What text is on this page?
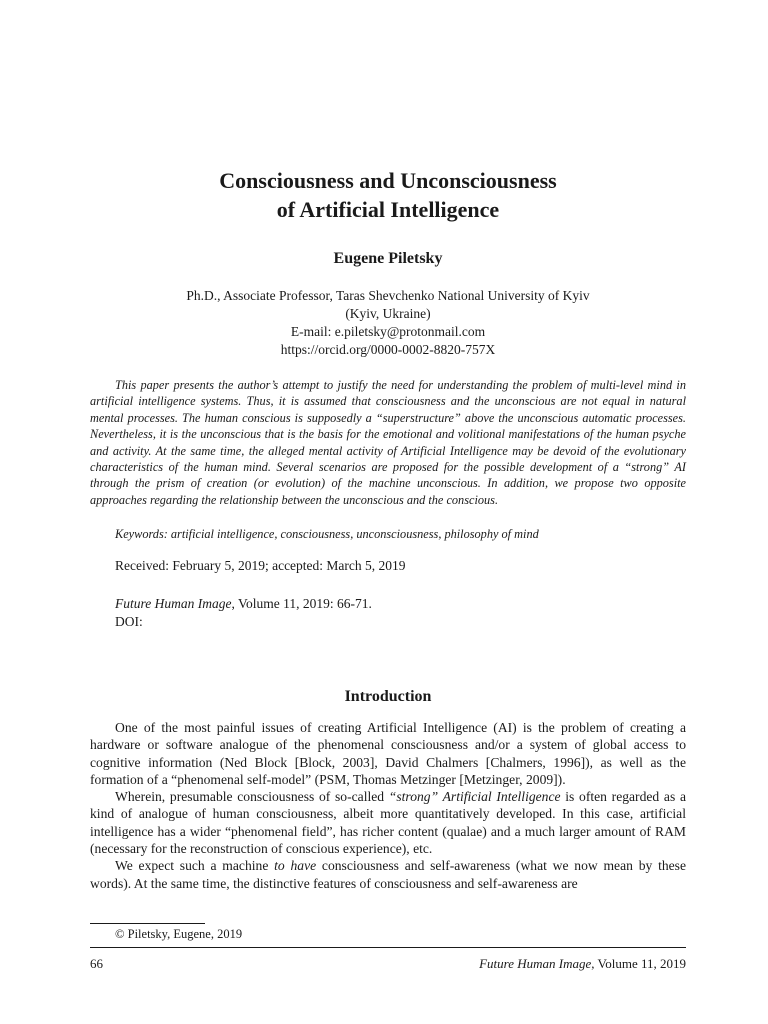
Consciousness and Unconsciousness
of Artificial Intelligence
Eugene Piletsky
Ph.D., Associate Professor, Taras Shevchenko National University of Kyiv
(Kyiv, Ukraine)
E-mail: e.piletsky@protonmail.com
https://orcid.org/0000-0002-8820-757X

This paper presents the author’s attempt to justify the need for understanding the problem of multi-level mind in artificial intelligence systems. Thus, it is assumed that consciousness and the unconscious are not equal in natural mental processes. The human conscious is supposedly a “superstructure” above the unconscious automatic processes. Nevertheless, it is the unconscious that is the basis for the emotional and volitional manifestations of the human psyche and activity. At the same time, the alleged mental activity of Artificial Intelligence may be devoid of the evolutionary characteristics of the human mind. Several scenarios are proposed for the possible development of a “strong” AI through the prism of creation (or evolution) of the machine unconscious. In addition, we propose two opposite approaches regarding the relationship between the unconscious and the conscious.

Keywords: artificial intelligence, consciousness, unconsciousness, philosophy of mind
Received: February 5, 2019; accepted: March 5, 2019
Future Human Image, Volume 11, 2019: 66-71.
DOI:
Introduction

One of the most painful issues of creating Artificial Intelligence (AI) is the problem of creating a hardware or software analogue of the phenomenal consciousness and/or a system of global access to cognitive information (Ned Block [Block, 2003], David Chalmers [Chalmers, 1996]), as well as the formation of a “phenomenal self-model” (PSM, Thomas Metzinger [Metzinger, 2009]).

Wherein, presumable consciousness of so-called “strong” Artificial Intelligence is often regarded as a kind of analogue of human consciousness, albeit more quantitatively developed. In this case, artificial intelligence has a wider “phenomenal field”, has richer content (qualae) and a much larger amount of RAM (necessary for the reconstruction of conscious experience), etc.

We expect such a machine to have consciousness and self-awareness (what we now mean by these words). At the same time, the distinctive features of consciousness and self-awareness are

© Piletsky, Eugene, 2019
66	Future Human Image, Volume 11, 2019
